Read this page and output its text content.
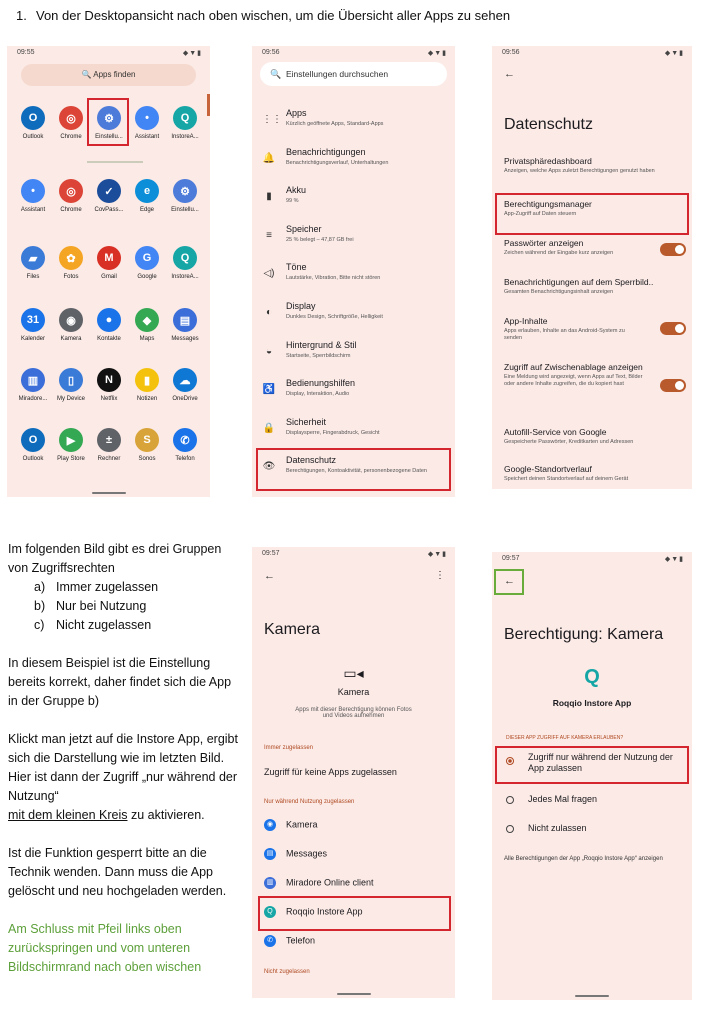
1. Von der Desktopansicht nach oben wischen, um die Übersicht aller Apps zu sehen
09:55	◆▼▮
🔍 Apps finden
O
Outlook
◎
Chrome
⚙
Einstellu...
•
Assistant
Q
InstoreA...
•
Assistant
◎
Chrome
✓
CovPass...
e
Edge
⚙
Einstellu...
▰
Files
✿
Fotos
M
Gmail
G
Google
Q
InstoreA...
31
Kalender
◉
Kamera
●
Kontakte
◆
Maps
▤
Messages
▥
Miradore...
▯
My Device
N
Netflix
▮
Notizen
☁
OneDrive
O
Outlook
▶
Play Store
±
Rechner
S
Sonos
✆
Telefon
09:56	◆▼▮
🔍 Einstellungen durchsuchen
⋮⋮
Apps
Kürzlich geöffnete Apps, Standard-Apps
🔔
Benachrichtigungen
Benachrichtigungsverlauf, Unterhaltungen
▮
Akku
99 %
≡
Speicher
25 % belegt – 47,87 GB frei
◁)
Töne
Lautstärke, Vibration, Bitte nicht stören
◐
Display
Dunkles Design, Schriftgröße, Helligkeit
◒
Hintergrund & Stil
Startseite, Sperrbildschirm
♿
Bedienungshilfen
Display, Interaktion, Audio
🔒
Sicherheit
Displaysperre, Fingerabdruck, Gesicht
👁
Datenschutz
Berechtigungen, Kontoaktivität, personenbezogene Daten
09:56	◆▼▮
←
Datenschutz
Privatsphäredashboard
Anzeigen, welche Apps zuletzt Berechtigungen genutzt haben
Berechtigungsmanager
App-Zugriff auf Daten steuern
Passwörter anzeigen
Zeichen während der Eingabe kurz anzeigen
Benachrichtigungen auf dem Sperrbild..
Gesamten Benachrichtigungsinhalt anzeigen
App-Inhalte
Apps erlauben, Inhalte an das Android-System zu senden
Zugriff auf Zwischenablage anzeigen
Eine Meldung wird angezeigt, wenn Apps auf Text, Bilder oder andere Inhalte zugreifen, die du kopiert hast
Autofill-Service von Google
Gespeicherte Passwörter, Kreditkarten und Adressen
Google-Standortverlauf
Speichert deinen Standortverlauf auf deinem Gerät

Im folgenden Bild gibt es drei Gruppen von Zugriffsrechten

a) Immer zugelassen
b) Nur bei Nutzung
c) Nicht zugelassen

In diesem Beispiel ist die Einstellung bereits korrekt, daher findet sich die App in der Gruppe b)

Klickt man jetzt auf die Instore App, ergibt sich die Darstellung wie im letzten Bild.

Hier ist dann der Zugriff „nur während der Nutzung“

mit dem kleinen Kreis zu aktivieren.

Ist die Funktion gesperrt bitte an die Technik wenden. Dann muss die App gelöscht und neu hochgeladen werden.

Am Schluss mit Pfeil links oben zurückspringen und vom unteren Bildschirmrand nach oben wischen

09:57	◆▼▮
←	⋮
Kamera
▭◂
Kamera
Apps mit dieser Berechtigung können Fotos und Videos aufnehmen
Immer zugelassen
Zugriff für keine Apps zugelassen
Nur während Nutzung zugelassen
◉ Kamera
▤ Messages
▥ Miradore Online client
Q Roqqio Instore App
✆ Telefon
Nicht zugelassen
09:57	◆▼▮
←
Berechtigung: Kamera
Q
Roqqio Instore App
DIESER APP ZUGRIFF AUF KAMERA ERLAUBEN?
Zugriff nur während der Nutzung der App zulassen
Jedes Mal fragen
Nicht zulassen
Alle Berechtigungen der App „Roqqio Instore App“ anzeigen
